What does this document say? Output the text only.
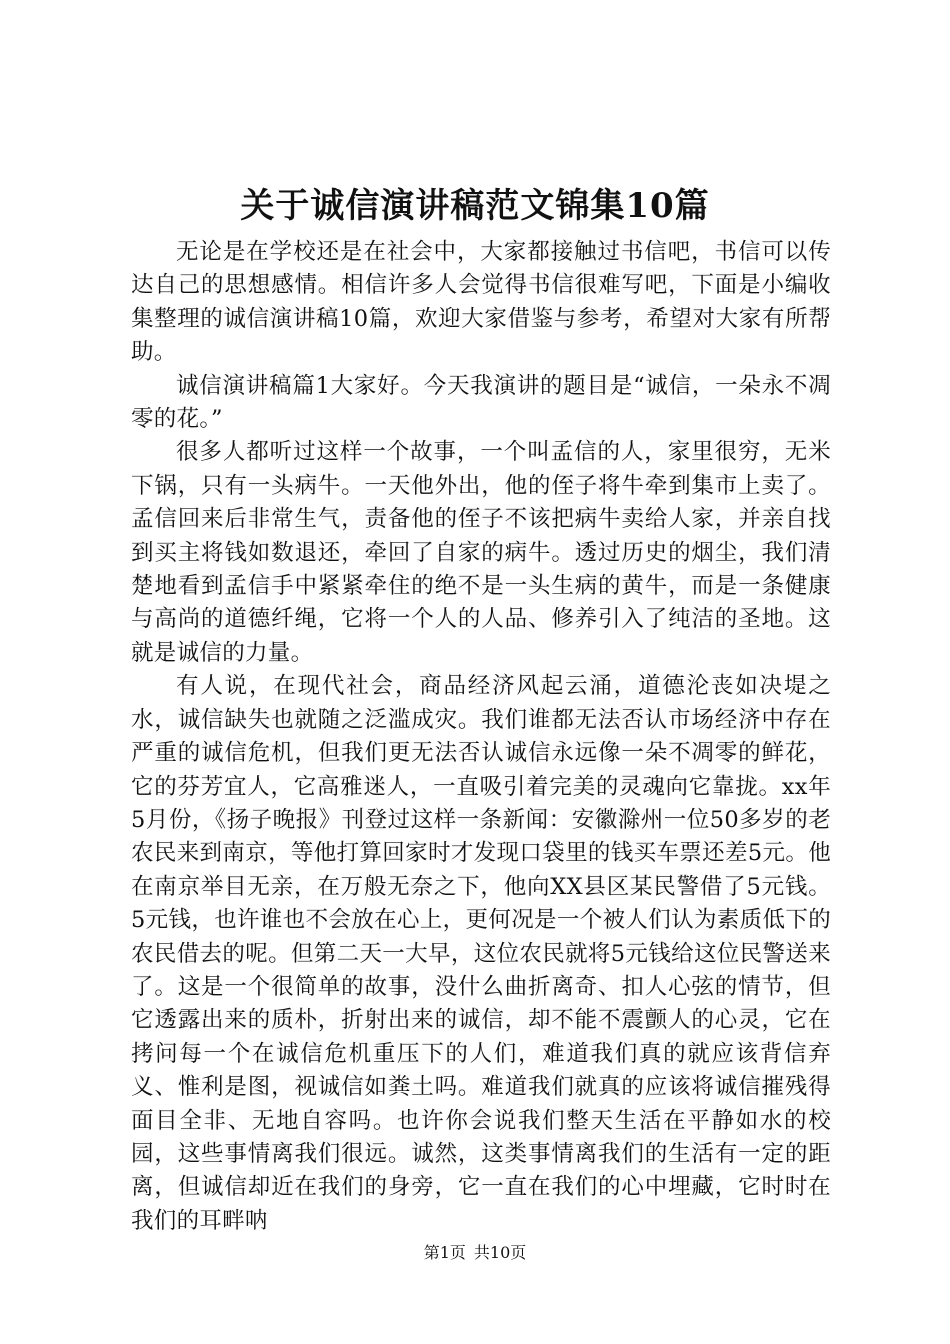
关于诚信演讲稿范文锦集10篇

无论是在学校还是在社会中，大家都接触过书信吧，书信可以传达自己的思想感情。相信许多人会觉得书信很难写吧，下面是小编收集整理的诚信演讲稿10篇，欢迎大家借鉴与参考，希望对大家有所帮助。

诚信演讲稿篇1大家好。今天我演讲的题目是“诚信，一朵永不凋零的花。”

很多人都听过这样一个故事，一个叫孟信的人，家里很穷，无米下锅，只有一头病牛。一天他外出，他的侄子将牛牵到集市上卖了。孟信回来后非常生气，责备他的侄子不该把病牛卖给人家，并亲自找到买主将钱如数退还，牵回了自家的病牛。透过历史的烟尘，我们清楚地看到孟信手中紧紧牵住的绝不是一头生病的黄牛，而是一条健康与高尚的道德纤绳，它将一个人的人品、修养引入了纯洁的圣地。这就是诚信的力量。

有人说，在现代社会，商品经济风起云涌，道德沦丧如决堤之水，诚信缺失也就随之泛滥成灾。我们谁都无法否认市场经济中存在严重的诚信危机，但我们更无法否认诚信永远像一朵不凋零的鲜花，它的芬芳宜人，它高雅迷人，一直吸引着完美的灵魂向它靠拢。xx年5月份，《扬子晚报》刊登过这样一条新闻：安徽滁州一位50多岁的老农民来到南京，等他打算回家时才发现口袋里的钱买车票还差5元。他在南京举目无亲，在万般无奈之下，他向XX县区某民警借了5元钱。5元钱，也许谁也不会放在心上，更何况是一个被人们认为素质低下的农民借去的呢。但第二天一大早，这位农民就将5元钱给这位民警送来了。这是一个很简单的故事，没什么曲折离奇、扣人心弦的情节，但它透露出来的质朴，折射出来的诚信，却不能不震颤人的心灵，它在拷问每一个在诚信危机重压下的人们，难道我们真的就应该背信弃义、惟利是图，视诚信如粪土吗。难道我们就真的应该将诚信摧残得面目全非、无地自容吗。也许你会说我们整天生活在平静如水的校园，这些事情离我们很远。诚然，这类事情离我们的生活有一定的距离，但诚信却近在我们的身旁，它一直在我们的心中埋藏，它时时在我们的耳畔呐

第1页 共10页
